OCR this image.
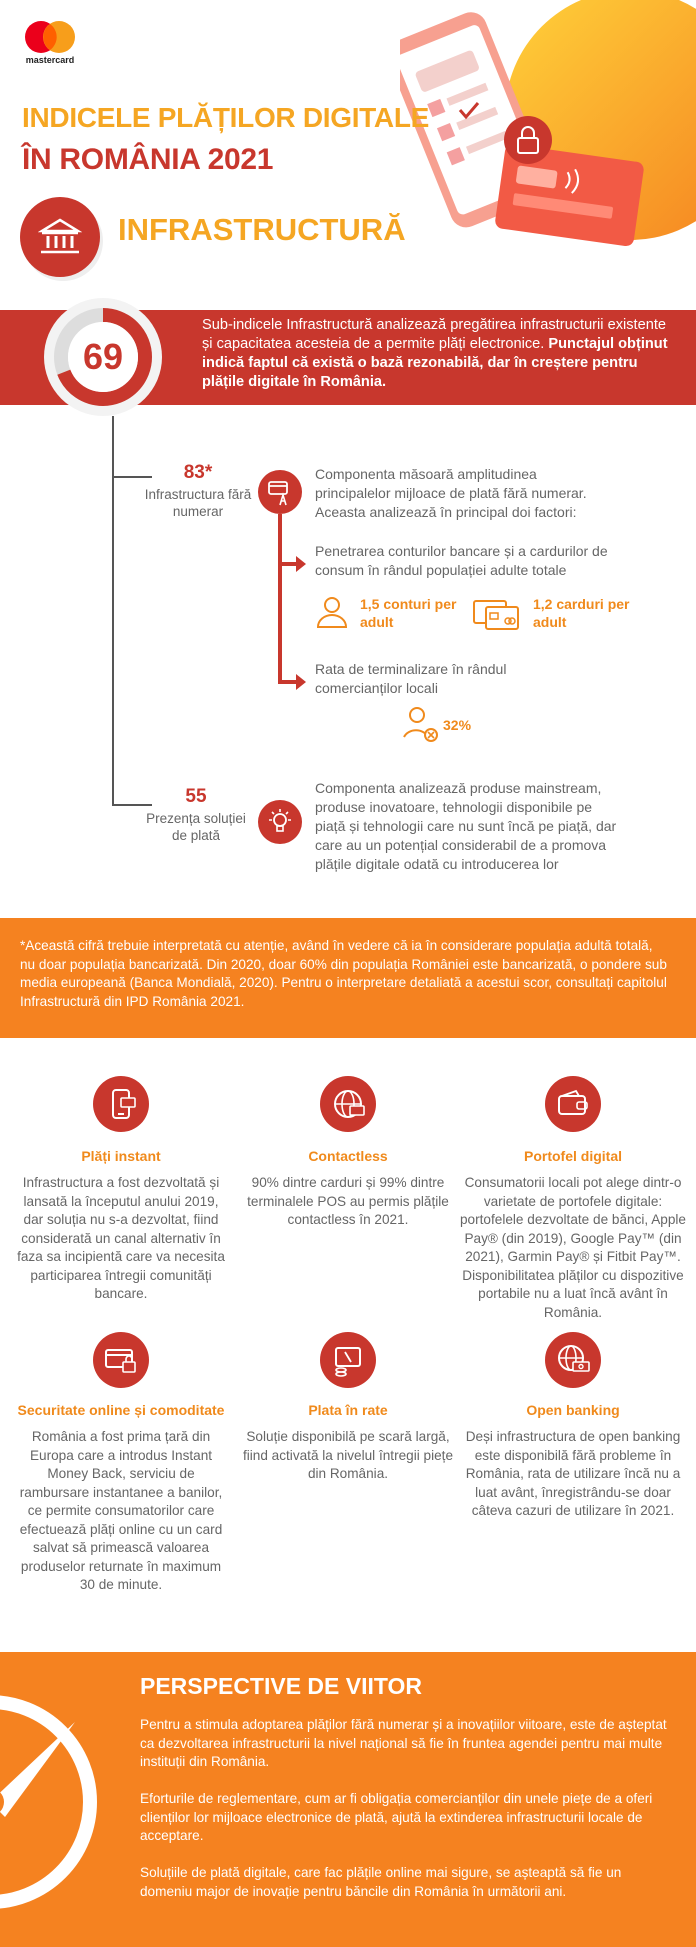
mastercard
INDICELE PLĂȚILOR DIGITALE
ÎN ROMÂNIA 2021
INFRASTRUCTURĂ
69
Sub-indicele Infrastructură analizează pregătirea infrastructurii existente și capacitatea acesteia de a permite plăți electronice. Punctajul obținut indică faptul că există o bază rezonabilă, dar în creștere pentru plățile digitale în România.
83*
Infrastructura fără numerar
Componenta măsoară amplitudinea principalelor mijloace de plată fără numerar. Aceasta analizează în principal doi factori:
Penetrarea conturilor bancare și a cardurilor de consum în rândul populației adulte totale
1,5 conturi per adult
1,2 carduri per adult
Rata de terminalizare în rândul comercianților locali
32%
55
Prezența soluției de plată
Componenta analizează produse mainstream, produse inovatoare, tehnologii disponibile pe piață și tehnologii care nu sunt încă pe piață, dar care au un potențial considerabil de a promova plățile digitale odată cu introducerea lor
*Această cifră trebuie interpretată cu atenție, având în vedere că ia în considerare populația adultă totală, nu doar populația bancarizată. Din 2020, doar 60% din populația României este bancarizată, o pondere sub media europeană (Banca Mondială, 2020). Pentru o interpretare detaliată a acestui scor, consultați capitolul Infrastructură din IPD România 2021.
Plăți instant
Infrastructura a fost dezvoltată și lansată la începutul anului 2019, dar soluția nu s-a dezvoltat, fiind considerată un canal alternativ în faza sa incipientă care va necesita participarea întregii comunități bancare.
Contactless
90% dintre carduri și 99% dintre terminalele POS au permis plățile contactless în 2021.
Portofel digital
Consumatorii locali pot alege dintr-o varietate de portofele digitale: portofelele dezvoltate de bănci, Apple Pay® (din 2019), Google Pay™ (din 2021), Garmin Pay® și Fitbit Pay™. Disponibilitatea plăților cu dispozitive portabile nu a luat încă avânt în România.
Securitate online și comoditate
România a fost prima țară din Europa care a introdus Instant Money Back, serviciu de rambursare instantanee a banilor, ce permite consumatorilor care efectuează plăți online cu un card salvat să primească valoarea produselor returnate în maximum 30 de minute.
Plata în rate
Soluție disponibilă pe scară largă, fiind activată la nivelul întregii piețe din România.
Open banking
Deși infrastructura de open banking este disponibilă fără probleme în România, rata de utilizare încă nu a luat avânt, înregistrându-se doar câteva cazuri de utilizare în 2021.
PERSPECTIVE DE VIITOR
Pentru a stimula adoptarea plăților fără numerar și a inovațiilor viitoare, este de așteptat ca dezvoltarea infrastructurii la nivel național să fie în fruntea agendei pentru mai multe instituții din România.
Eforturile de reglementare, cum ar fi obligația comercianților din unele piețe de a oferi clienților lor mijloace electronice de plată, ajută la extinderea infrastructurii locale de acceptare.
Soluțiile de plată digitale, care fac plățile online mai sigure, se așteaptă să fie un domeniu major de inovație pentru băncile din România în următorii ani.
